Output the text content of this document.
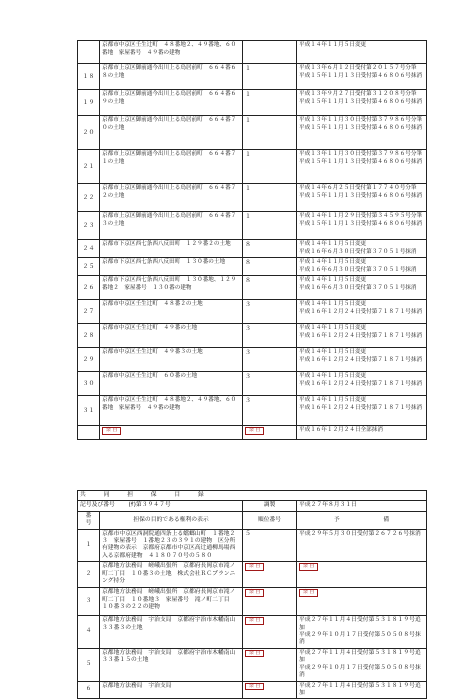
	京都市中京区壬生辻町　４８番地２、４９番地、６０番地　家屋番号　４９番の建物		平成１４年１１月５日変更

１８	京都市上京区御前通今出川上る鳥居前町　６６４番６８の土地	１	平成１３年６月１２日受付第２０１５７号分筆
平成１５年１１月１３日受付第４６８０６号抹消

１９	京都市上京区御前通今出川上る鳥居前町　６６４番６９の土地	１	平成１３年９月２７日受付第３１２０８号分筆
平成１５年１１月１３日受付第４６８０６号抹消

２０	京都市上京区御前通今出川上る鳥居前町　６６４番７０の土地	１	平成１３年１１月３０日受付第３７９８６号分筆
平成１５年１１月１３日受付第４６８０６号抹消

２１	京都市上京区御前通今出川上る鳥居前町　６６４番７１の土地	１	平成１３年１１月３０日受付第３７９８６号分筆
平成１５年１１月１３日受付第４６８０６号抹消

２２	京都市上京区御前通今出川上る鳥居前町　６６４番７２の土地	１	平成１４年６月２５日受付第１７７４０号分筆
平成１５年１１月１３日受付第４６８０６号抹消

２３	京都市上京区御前通今出川上る鳥居前町　６６４番７３の土地	１	平成１４年１１月２９日受付第３４５９５号分筆
平成１５年１１月１３日受付第４６８０６号抹消

２４	京都市下京区西七条西八反田町　１２９番２の土地	８	平成１４年１１月５日変更
平成１６年６月３０日受付第３７０５１号抹消

２５	京都市下京区西七条西八反田町　１３０番の土地	８	平成１４年１１月５日変更
平成１６年６月３０日受付第３７０５１号抹消

２６	京都市下京区西七条西八反田町　１３０番地、１２９番地２　家屋番号　１３０番の建物	８	平成１４年１１月５日変更
平成１６年６月３０日受付第３７０５１号抹消

２７	京都市中京区壬生辻町　４８番２の土地	３	平成１４年１１月５日変更
平成１６年１２月２４日受付第７１８７１号抹消

２８	京都市中京区壬生辻町　４９番の土地	３	平成１４年１１月５日変更
平成１６年１２月２４日受付第７１８７１号抹消

２９	京都市中京区壬生辻町　４９番３の土地	３	平成１４年１１月５日変更
平成１６年１２月２４日受付第７１８７１号抹消

３０	京都市中京区壬生辻町　６０番の土地	３	平成１４年１１月５日変更
平成１６年１２月２４日受付第７１８７１号抹消

３１	京都市中京区壬生辻町　４８番地２、４９番地、６０番地　家屋番号　４９番の建物	３	平成１４年１１月５日変更
平成１６年１２月２４日受付第７１８７１号抹消

	余 白	余 白	平成１６年１２月２４日全部抹消
共　同　担　保　目　録			
記号及び番号 (ｻ)第３９４７号		調製	平成２７年８月３１日
番　号	担保の目的である権利の表示	順位番号	予 備
１	京都市中京区西洞院通四条上る蟷螂山町　１番地２３　家屋番号　１番地２３の３９１の建物　区分所有建物の表示　京都府京都市中京区高辻通柳馬場西入る京都府建物　４１８０７０号の５８０	５	平成２９年５月３０日受付第２６７２６号抹消
２	京都地方法務局　嵯峨出張所　京都府長岡京市滝ノ町二丁目　１０番３の土地　株式会社ＲＣプランニング持分	余 白	余 白
３	京都地方法務局　嵯峨出張所　京都府長岡京市滝ノ町二丁目　１０番地３　家屋番号　滝ノ町二丁目　１０番３の２２の建物	余 白	余 白
４	京都地方法務局　宇治支局　京都府宇治市木幡南山　３３番３の土地	余 白	平成２７年１１月４日受付第５３１８１９号追加
平成２９年１０月１７日受付第５０５０８号抹消
５	京都地方法務局　宇治支局　京都府宇治市木幡南山　３３番１５の土地	余 白	平成２７年１１月４日受付第５３１８１９号追加
平成２９年１０月１７日受付第５０５０８号抹消
６	京都地方法務局　宇治支局	余 白	平成２７年１１月４日受付第５３１８１９号追加
